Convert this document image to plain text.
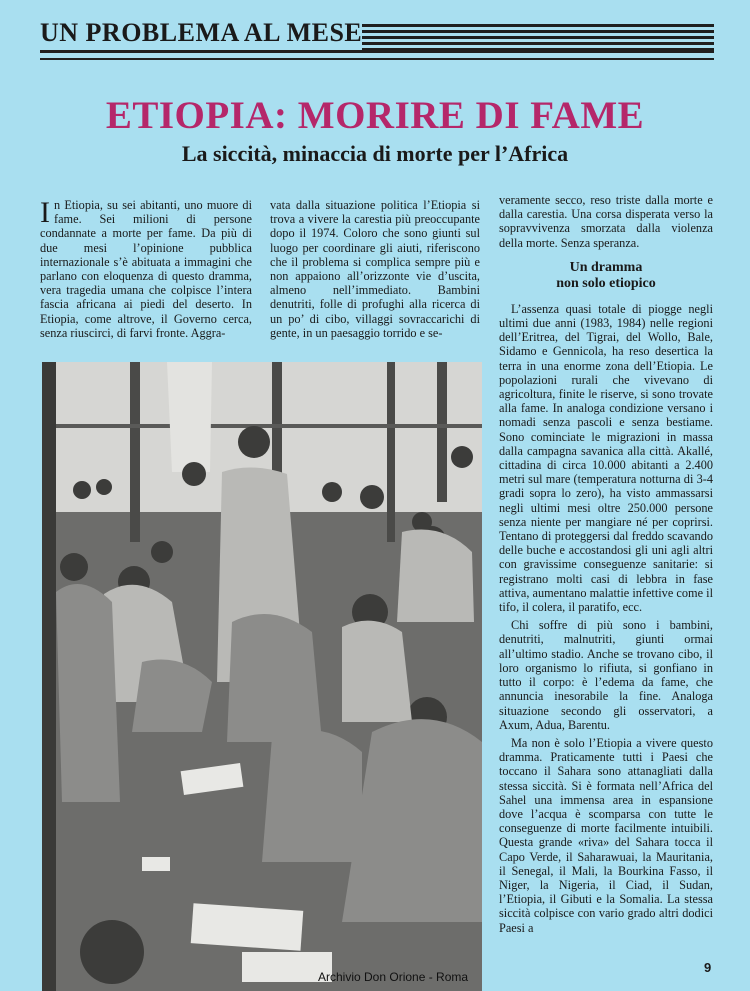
UN PROBLEMA AL MESE
ETIOPIA: MORIRE DI FAME
La siccità, minaccia di morte per l’Africa

In Etiopia, su sei abitanti, uno muore di fame. Sei milioni di persone condannate a morte per fame. Da più di due mesi l’opinione pubblica internazionale s’è abituata a immagini che parlano con eloquenza di questo dramma, vera tragedia umana che colpisce l’intera fascia africana ai piedi del deserto. In Etiopia, come altrove, il Governo cerca, senza riuscirci, di farvi fronte. Aggra-

vata dalla situazione politica l’Etiopia si trova a vivere la carestia più preoccupante dopo il 1974. Coloro che sono giunti sul luogo per coordinare gli aiuti, riferiscono che il problema si complica sempre più e non appaiono all’orizzonte vie d’uscita, almeno nell’immediato. Bambini denutriti, folle di profughi alla ricerca di un po’ di cibo, villaggi sovraccarichi di gente, in un paesaggio torrido e se-

veramente secco, reso triste dalla morte e dalla carestia. Una corsa disperata verso la sopravvivenza smorzata dalla violenza della morte. Senza speranza.

Un dramma
non solo etiopico

L’assenza quasi totale di piogge negli ultimi due anni (1983, 1984) nelle regioni dell’Eritrea, del Tigrai, del Wollo, Bale, Sidamo e Gennicola, ha reso desertica la terra in una enorme zona dell’Etiopia. Le popolazioni rurali che vivevano di agricoltura, finite le riserve, si sono trovate alla fame. In analoga condizione versano i nomadi senza pascoli e senza bestiame. Sono cominciate le migrazioni in massa dalla campagna savanica alla città. Akallé, cittadina di circa 10.000 abitanti a 2.400 metri sul mare (temperatura notturna di 3-4 gradi sopra lo zero), ha visto ammassarsi negli ultimi mesi oltre 250.000 persone senza niente per mangiare né per coprirsi. Tentano di proteggersi dal freddo scavando delle buche e accostandosi gli uni agli altri con gravissime conseguenze sanitarie: si registrano molti casi di lebbra in fase attiva, aumentano malattie infettive come il tifo, il colera, il paratifo, ecc.

Chi soffre di più sono i bambini, denutriti, malnutriti, giunti ormai all’ultimo stadio. Anche se trovano cibo, il loro organismo lo rifiuta, si gonfiano in tutto il corpo: è l’edema da fame, che annuncia inesorabile la fine. Analoga situazione secondo gli osservatori, a Axum, Adua, Barentu.

Ma non è solo l’Etiopia a vivere questo dramma. Praticamente tutti i Paesi che toccano il Sahara sono attanagliati dalla stessa siccità. Si è formata nell’Africa del Sahel una immensa area in espansione dove l’acqua è scomparsa con tutte le conseguenze di morte facilmente intuibili. Questa grande «riva» del Sahara tocca il Capo Verde, il Saharawuai, la Mauritania, il Senegal, il Mali, la Bourkina Fasso, il Niger, la Nigeria, il Ciad, il Sudan, l’Etiopia, il Gibuti e la Somalia. La stessa siccità colpisce con vario grado altri dodici Paesi a

Archivio Don Orione - Roma
9
